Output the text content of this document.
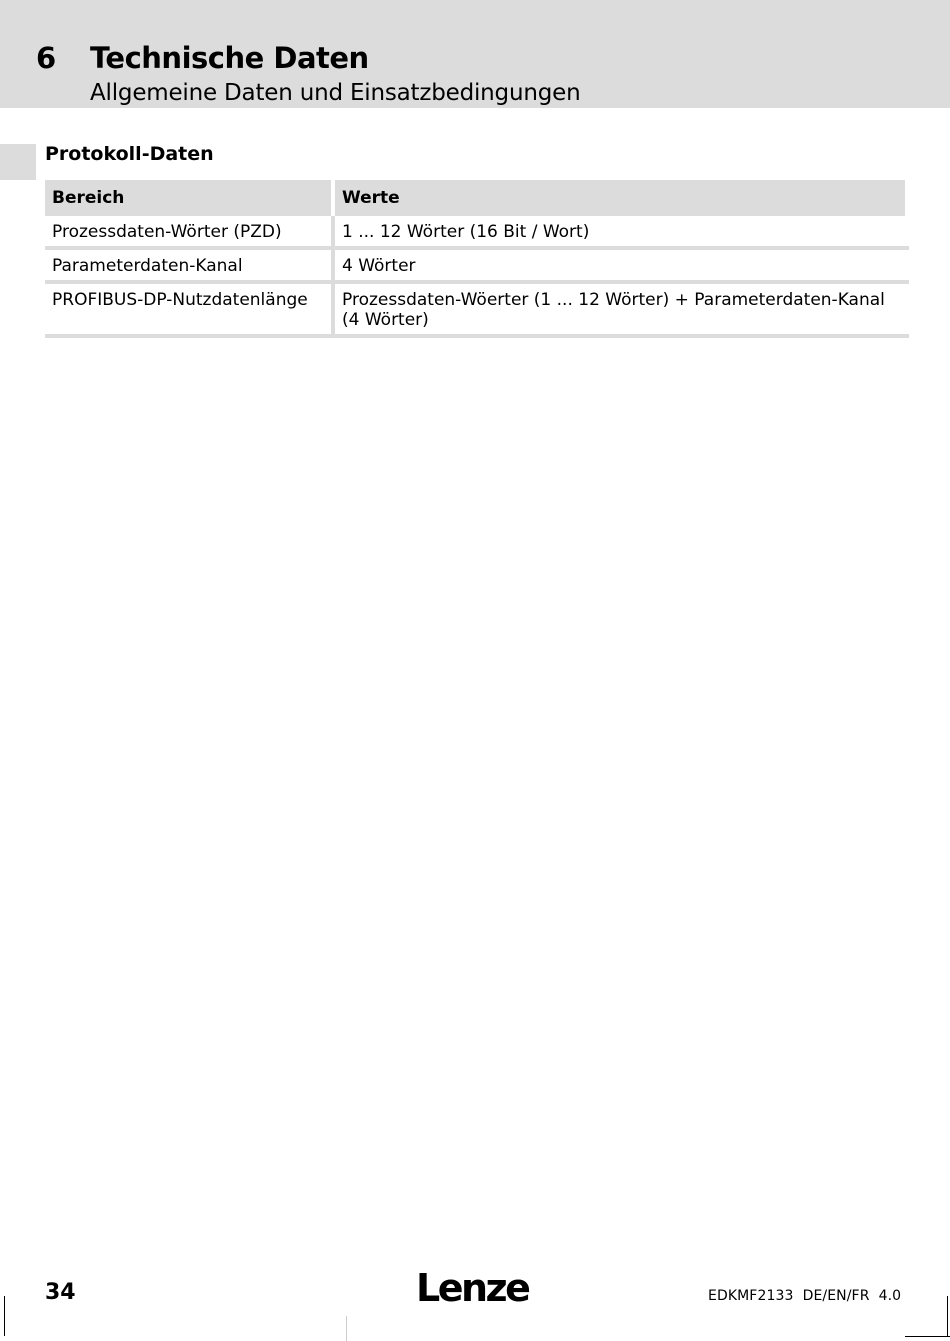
6 Technische Daten
Allgemeine Daten und Einsatzbedingungen
Protokoll-Daten
Bereich	Werte
Prozessdaten-Wörter (PZD)	1 ... 12 Wörter (16 Bit / Wort)
Parameterdaten-Kanal	4 Wörter
PROFIBUS-DP-Nutzdatenlänge	Prozessdaten-Wöerter (1 ... 12 Wörter) + Parameterdaten-Kanal
(4 Wörter)
34	Lenze	EDKMF2133  DE/EN/FR  4.0
